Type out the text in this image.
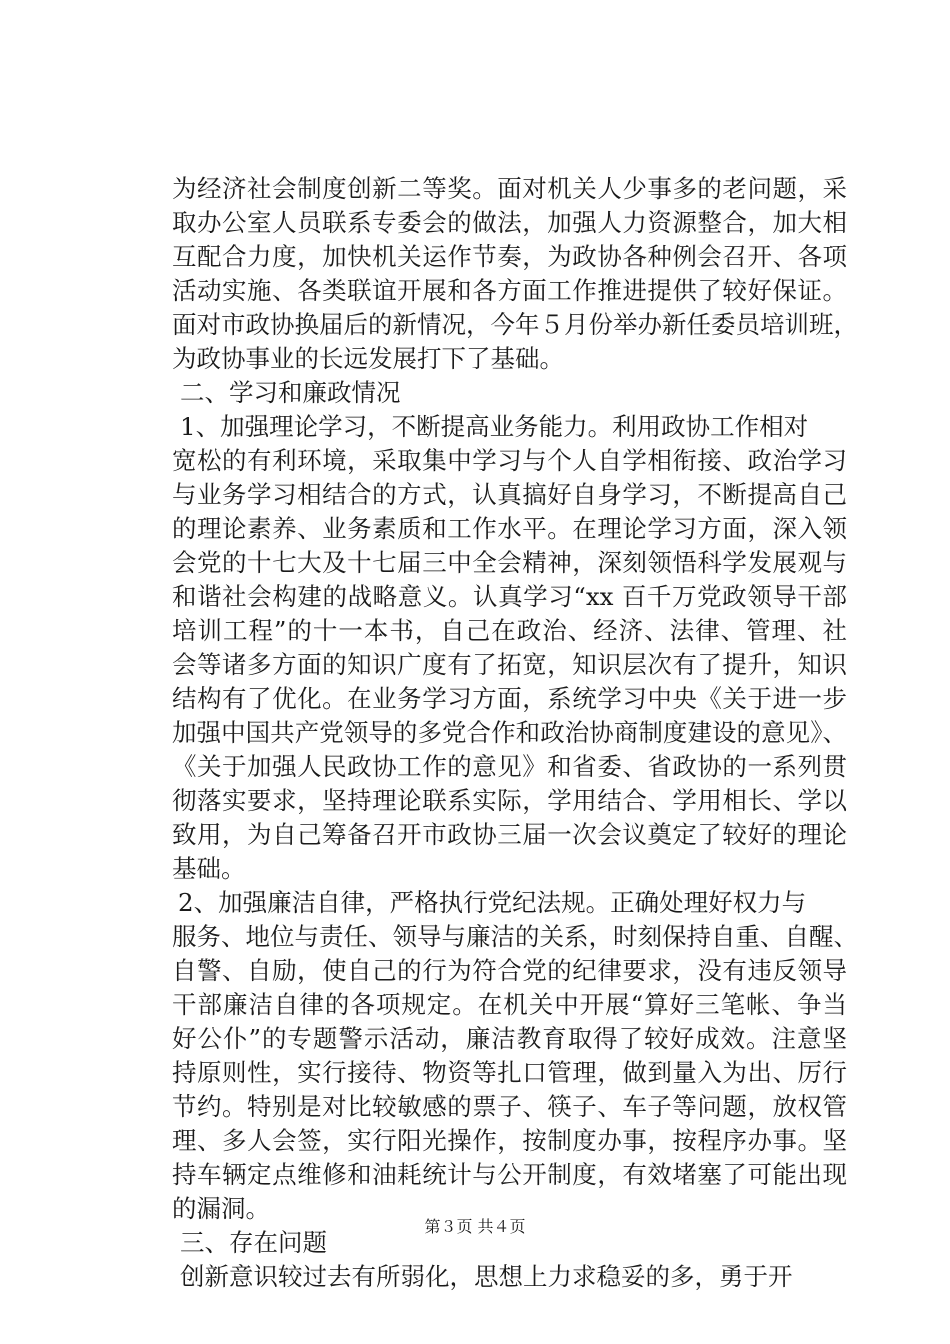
为经济社会制度创新二等奖。面对机关人少事多的老问题，采
取办公室人员联系专委会的做法，加强人力资源整合，加大相
互配合力度，加快机关运作节奏，为政协各种例会召开、各项
活动实施、各类联谊开展和各方面工作推进提供了较好保证。
面对市政协换届后的新情况，今年５月份举办新任委员培训班，
为政协事业的长远发展打下了基础。
二、学习和廉政情况
1、加强理论学习，不断提高业务能力。利用政协工作相对
宽松的有利环境，采取集中学习与个人自学相衔接、政治学习
与业务学习相结合的方式，认真搞好自身学习，不断提高自己
的理论素养、业务素质和工作水平。在理论学习方面，深入领
会党的十七大及十七届三中全会精神，深刻领悟科学发展观与
和谐社会构建的战略意义。认真学习“xx 百千万党政领导干部
培训工程”的十一本书，自己在政治、经济、法律、管理、社
会等诸多方面的知识广度有了拓宽，知识层次有了提升，知识
结构有了优化。在业务学习方面，系统学习中央《关于进一步
加强中国共产党领导的多党合作和政治协商制度建设的意见》、
《关于加强人民政协工作的意见》和省委、省政协的一系列贯
彻落实要求，坚持理论联系实际，学用结合、学用相长、学以
致用，为自己筹备召开市政协三届一次会议奠定了较好的理论
基础。
2、加强廉洁自律，严格执行党纪法规。正确处理好权力与
服务、地位与责任、领导与廉洁的关系，时刻保持自重、自醒、
自警、自励，使自己的行为符合党的纪律要求，没有违反领导
干部廉洁自律的各项规定。在机关中开展“算好三笔帐、争当
好公仆”的专题警示活动，廉洁教育取得了较好成效。注意坚
持原则性，实行接待、物资等扎口管理，做到量入为出、厉行
节约。特别是对比较敏感的票子、筷子、车子等问题，放权管
理、多人会签，实行阳光操作，按制度办事，按程序办事。坚
持车辆定点维修和油耗统计与公开制度，有效堵塞了可能出现
的漏洞。
三、存在问题
创新意识较过去有所弱化，思想上力求稳妥的多，勇于开
第３页 共４页
